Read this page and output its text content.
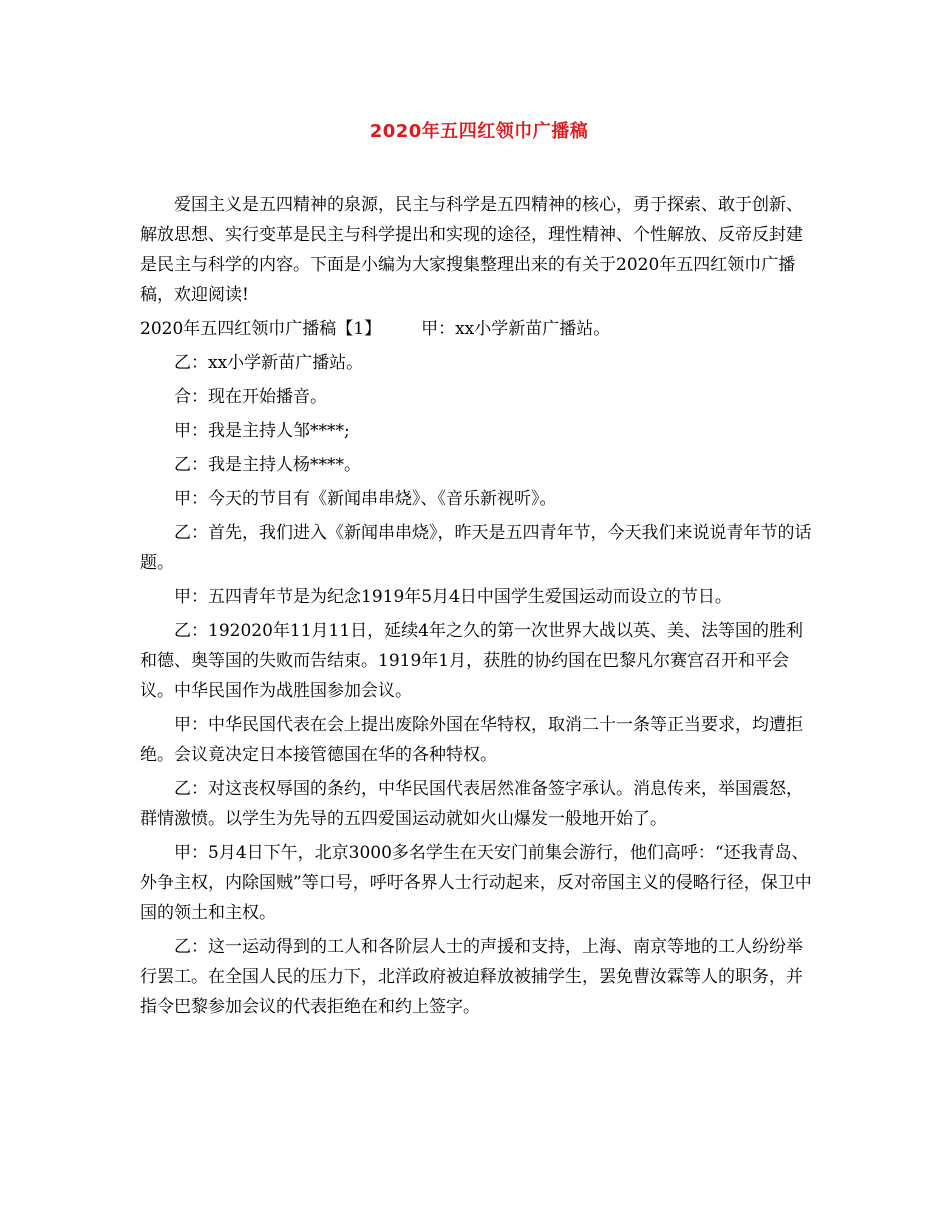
2020年五四红领巾广播稿

爱国主义是五四精神的泉源，民主与科学是五四精神的核心，勇于探索、敢于创新、解放思想、实行变革是民主与科学提出和实现的途径，理性精神、个性解放、反帝反封建是民主与科学的内容。下面是小编为大家搜集整理出来的有关于2020年五四红领巾广播稿，欢迎阅读!

2020年五四红领巾广播稿【1】 甲：xx小学新苗广播站。

乙：xx小学新苗广播站。

合：现在开始播音。

甲：我是主持人邹****;

乙：我是主持人杨****。

甲：今天的节目有《新闻串串烧》、《音乐新视听》。

乙：首先，我们进入《新闻串串烧》，昨天是五四青年节，今天我们来说说青年节的话题。

甲：五四青年节是为纪念1919年5月4日中国学生爱国运动而设立的节日。

乙：192020年11月11日，延续4年之久的第一次世界大战以英、美、法等国的胜利和德、奥等国的失败而告结束。1919年1月，获胜的协约国在巴黎凡尔赛宫召开和平会议。中华民国作为战胜国参加会议。

甲：中华民国代表在会上提出废除外国在华特权，取消二十一条等正当要求，均遭拒绝。会议竟决定日本接管德国在华的各种特权。

乙：对这丧权辱国的条约，中华民国代表居然准备签字承认。消息传来，举国震怒，群情激愤。以学生为先导的五四爱国运动就如火山爆发一般地开始了。

甲：5月4日下午，北京3000多名学生在天安门前集会游行，他们高呼：“还我青岛、外争主权，内除国贼”等口号，呼吁各界人士行动起来，反对帝国主义的侵略行径，保卫中国的领土和主权。

乙：这一运动得到的工人和各阶层人士的声援和支持，上海、南京等地的工人纷纷举行罢工。在全国人民的压力下，北洋政府被迫释放被捕学生，罢免曹汝霖等人的职务，并指令巴黎参加会议的代表拒绝在和约上签字。
